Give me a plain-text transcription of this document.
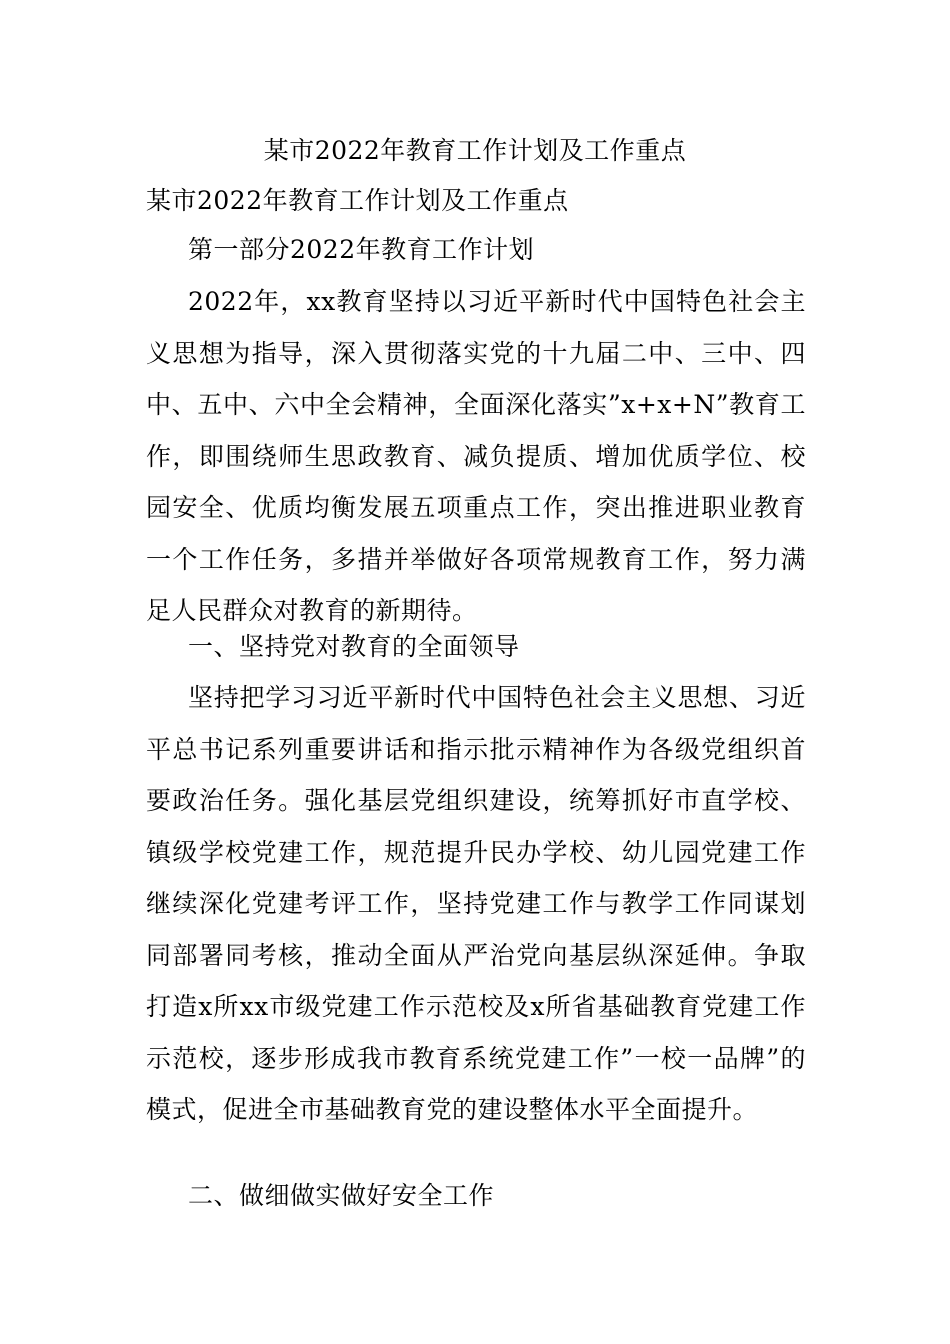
某市2022年教育工作计划及工作重点
某市2022年教育工作计划及工作重点
第一部分2022年教育工作计划
2022年，xx教育坚持以习近平新时代中国特色社会主义思想为指导，深入贯彻落实党的十九届二中、三中、四中、五中、六中全会精神，全面深化落实”x+x+N”教育工作，即围绕师生思政教育、减负提质、增加优质学位、校园安全、优质均衡发展五项重点工作，突出推进职业教育一个工作任务，多措并举做好各项常规教育工作，努力满足人民群众对教育的新期待。
一、坚持党对教育的全面领导
坚持把学习习近平新时代中国特色社会主义思想、习近平总书记系列重要讲话和指示批示精神作为各级党组织首要政治任务。强化基层党组织建设，统筹抓好市直学校、镇级学校党建工作，规范提升民办学校、幼儿园党建工作继续深化党建考评工作，坚持党建工作与教学工作同谋划同部署同考核，推动全面从严治党向基层纵深延伸。争取打造x所xx市级党建工作示范校及x所省基础教育党建工作示范校，逐步形成我市教育系统党建工作”一校一品牌”的模式，促进全市基础教育党的建设整体水平全面提升。
二、做细做实做好安全工作
